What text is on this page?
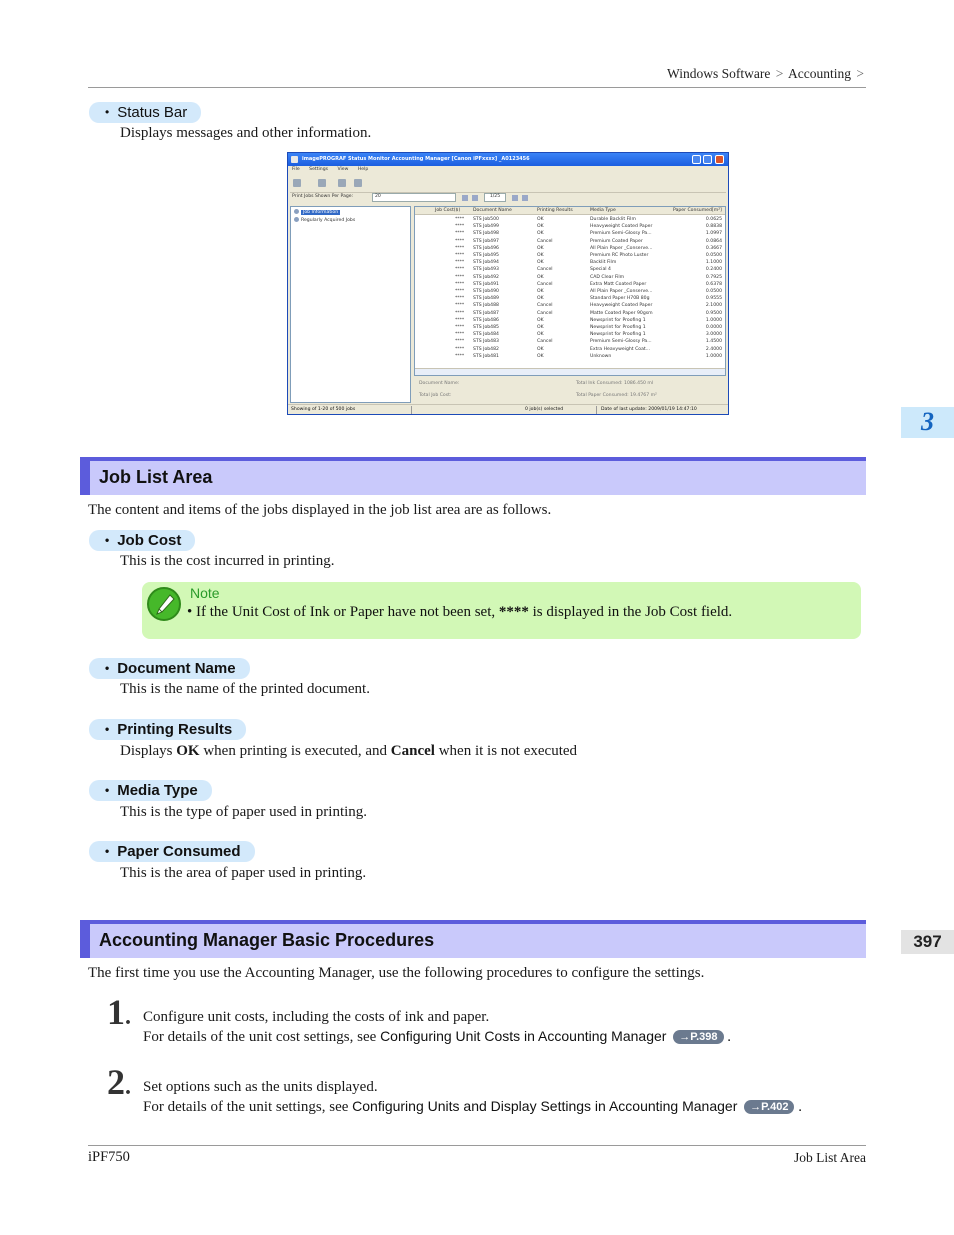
Windows Software > Accounting >
3
397
• Status Bar
Displays messages and other information.
imagePROGRAF Status Monitor Accounting Manager [Canon iPFxxxx] _A0123456
File Settings View Help
Print Jobs Shown Per Page:	20	1/25
Job Information
Regularly Acquired Jobs
Job Cost($)	Document Name	Printing Results	Media Type	Paper Consumed[m²]
**** STS Job500	OK	Durable Backlit Film	0.0625
**** STS Job499	OK	Heavyweight Coated Paper	0.8838
**** STS Job498	OK	Premium Semi-Glossy Pa...	1.0997
**** STS Job497	Cancel	Premium Coated Paper	0.0864
**** STS Job496	OK	All Plain Paper _Conserve...	0.3667
**** STS Job495	OK	Premium RC Photo Luster	0.0500
**** STS Job494	OK	Backlit Film	1.1000
**** STS Job493	Cancel	Special 4	0.2400
**** STS Job492	OK	CAD Clear Film	0.7925
**** STS Job491	Cancel	Extra Matt Coated Paper	0.6378
**** STS Job490	OK	All Plain Paper _Conserve...	0.0500
**** STS Job489	OK	Standard Paper H70B 80g	0.9555
**** STS Job488	Cancel	Heavyweight Coated Paper	2.1000
**** STS Job487	Cancel	Matte Coated Paper 90gsm	0.9500
**** STS Job486	OK	Newsprint for Proofing 1	1.0000
**** STS Job485	OK	Newsprint for Proofing 1	0.0000
**** STS Job484	OK	Newsprint for Proofing 1	3.0000
**** STS Job483	Cancel	Premium Semi-Glossy Pa...	1.4500
**** STS Job482	OK	Extra Heavyweight Coat...	2.4000
**** STS Job481	OK	Unknown	1.0000
Document Name:	Total Ink Consumed: 1086.450 ml
Total Job Cost:	Total Paper Consumed: 19.4767 m²
Showing of 1-20 of 500 jobs	0 job(s) selected	Date of last update: 2009/01/19 14:47:10
Job List Area
The content and items of the jobs displayed in the job list area are as follows.
• Job Cost
This is the cost incurred in printing.
Note
• If the Unit Cost of Ink or Paper have not been set, **** is displayed in the Job Cost field.
• Document Name
This is the name of the printed document.
• Printing Results
Displays OK when printing is executed, and Cancel when it is not executed
• Media Type
This is the type of paper used in printing.
• Paper Consumed
This is the area of paper used in printing.
Accounting Manager Basic Procedures
The first time you use the Accounting Manager, use the following procedures to configure the settings.
1. Configure unit costs, including the costs of ink and paper.
For details of the unit cost settings, see Configuring Unit Costs in Accounting Manager →P.398 .
2. Set options such as the units displayed.
For details of the unit settings, see Configuring Units and Display Settings in Accounting Manager →P.402 .
iPF750	Job List Area
